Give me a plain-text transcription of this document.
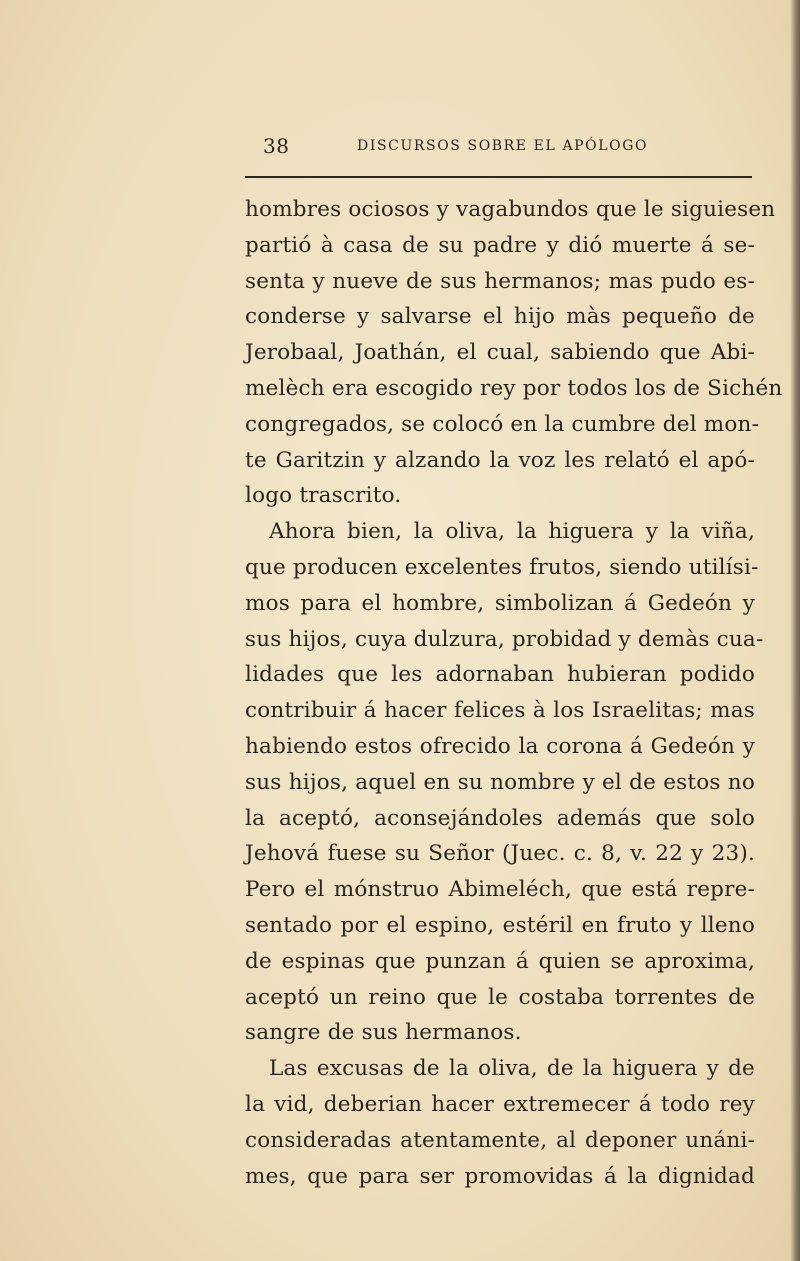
38	DISCURSOS SOBRE EL APÓLOGO
hombres ociosos y vagabundos que le siguiesen
partió à casa de su padre y dió muerte á se-
senta y nueve de sus hermanos; mas pudo es-
conderse y salvarse el hijo màs pequeño de
Jerobaal, Joathán, el cual, sabiendo que Abi-
melèch era escogido rey por todos los de Sichén
congregados, se colocó en la cumbre del mon-
te Garitzin y alzando la voz les relató el apó-
logo trascrito.
Ahora bien, la oliva, la higuera y la viña,
que producen excelentes frutos, siendo utilísi-
mos para el hombre, simbolizan á Gedeón y
sus hijos, cuya dulzura, probidad y demàs cua-
lidades que les adornaban hubieran podido
contribuir á hacer felices à los Israelitas; mas
habiendo estos ofrecido la corona á Gedeón y
sus hijos, aquel en su nombre y el de estos no
la aceptó, aconsejándoles además que solo
Jehová fuese su Señor (Juec. c. 8, v. 22 y 23).
Pero el mónstruo Abimeléch, que está repre-
sentado por el espino, estéril en fruto y lleno
de espinas que punzan á quien se aproxima,
aceptó un reino que le costaba torrentes de
sangre de sus hermanos.
Las excusas de la oliva, de la higuera y de
la vid, deberian hacer extremecer á todo rey
consideradas atentamente, al deponer unáni-
mes, que para ser promovidas á la dignidad
